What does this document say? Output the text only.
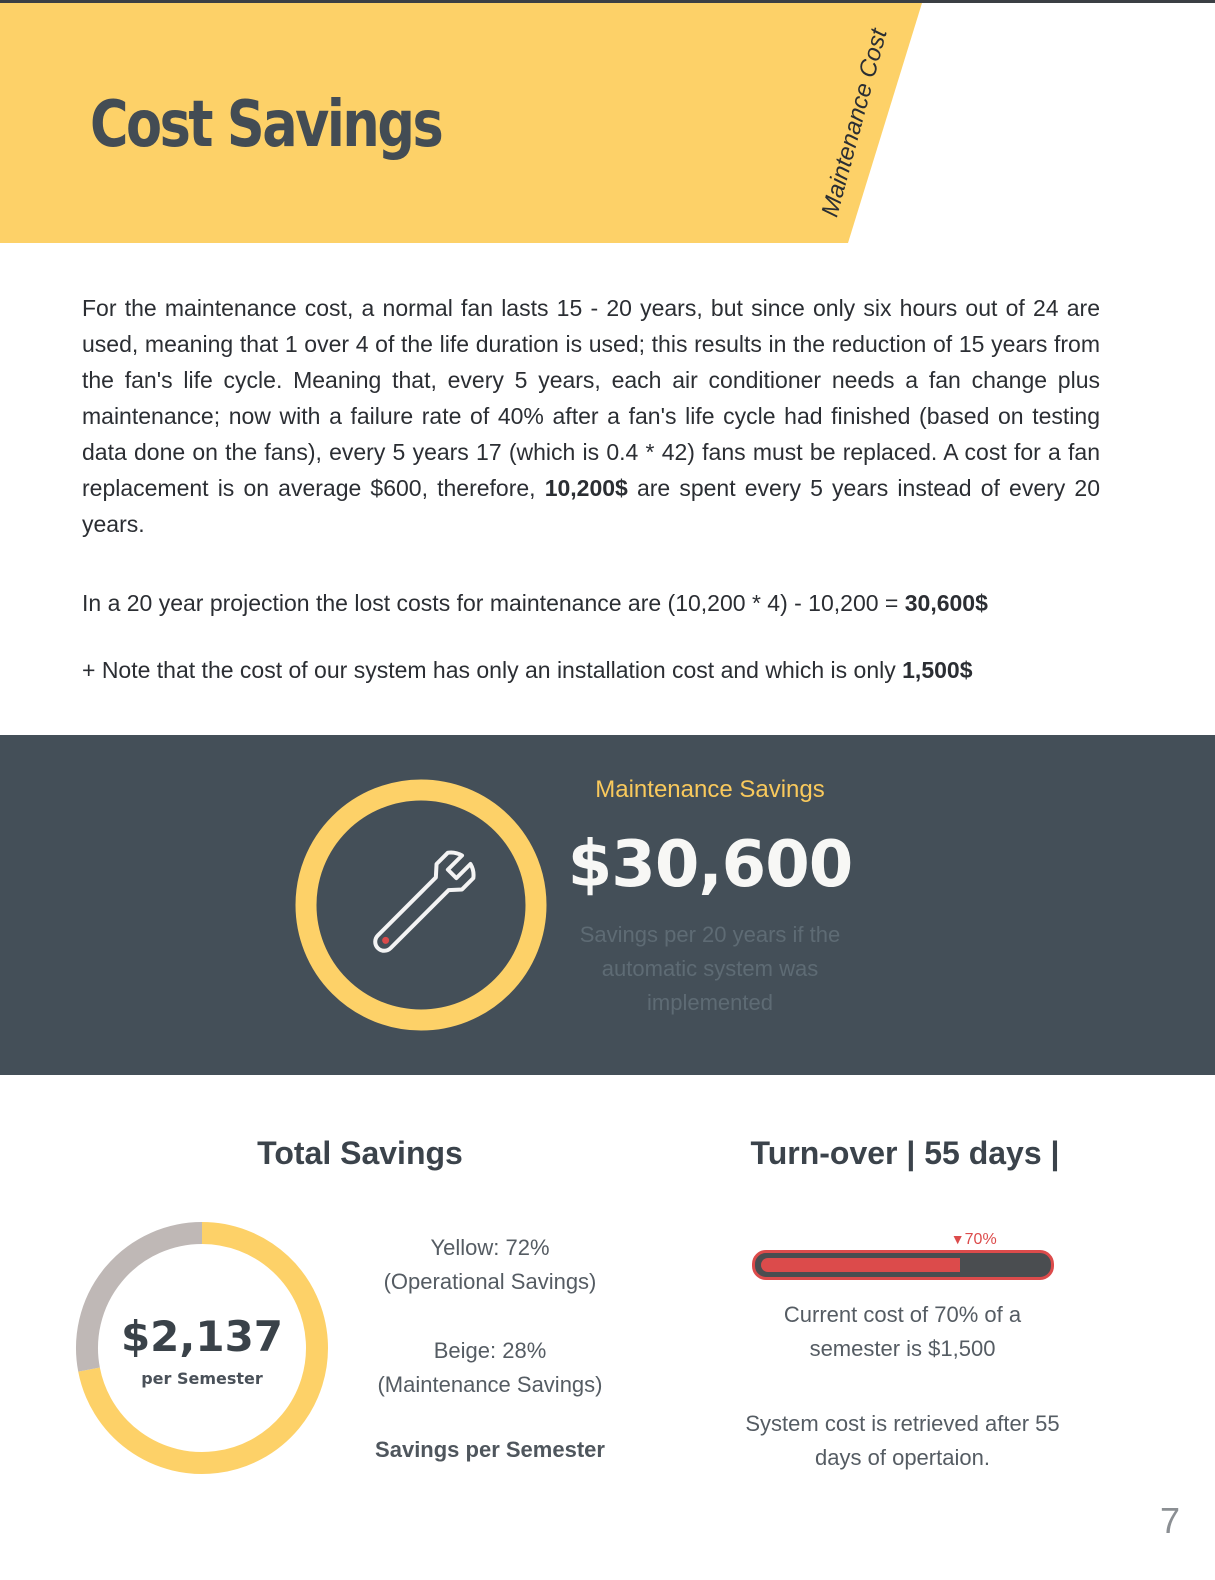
Cost Savings	Maintenance Cost

For the maintenance cost, a normal fan lasts 15 - 20 years, but since only six hours out of 24 are used, meaning that 1 over 4 of the life duration is used; this results in the reduction of 15 years from the fan's life cycle. Meaning that, every 5 years, each air conditioner needs a fan change plus maintenance; now with a failure rate of 40% after a fan's life cycle had finished (based on testing data done on the fans), every 5 years 17 (which is 0.4 * 42) fans must be replaced. A cost for a fan replacement is on average $600, therefore, 10,200$ are spent every 5 years instead of every 20 years.

In a 20 year projection the lost costs for maintenance are (10,200 * 4) - 10,200 = 30,600$

+ Note that the cost of our system has only an installation cost and which is only 1,500$

Maintenance Savings
$30,600
Savings per 20 years if the automatic system was implemented
Total Savings	Turn-over | 55 days |
$2,137
per Semester
Yellow: 72%
(Operational Savings)
Beige: 28%
(Maintenance Savings)
Savings per Semester
▼70%
Current cost of 70% of a semester is $1,500
System cost is retrieved after 55 days of opertaion.
7
